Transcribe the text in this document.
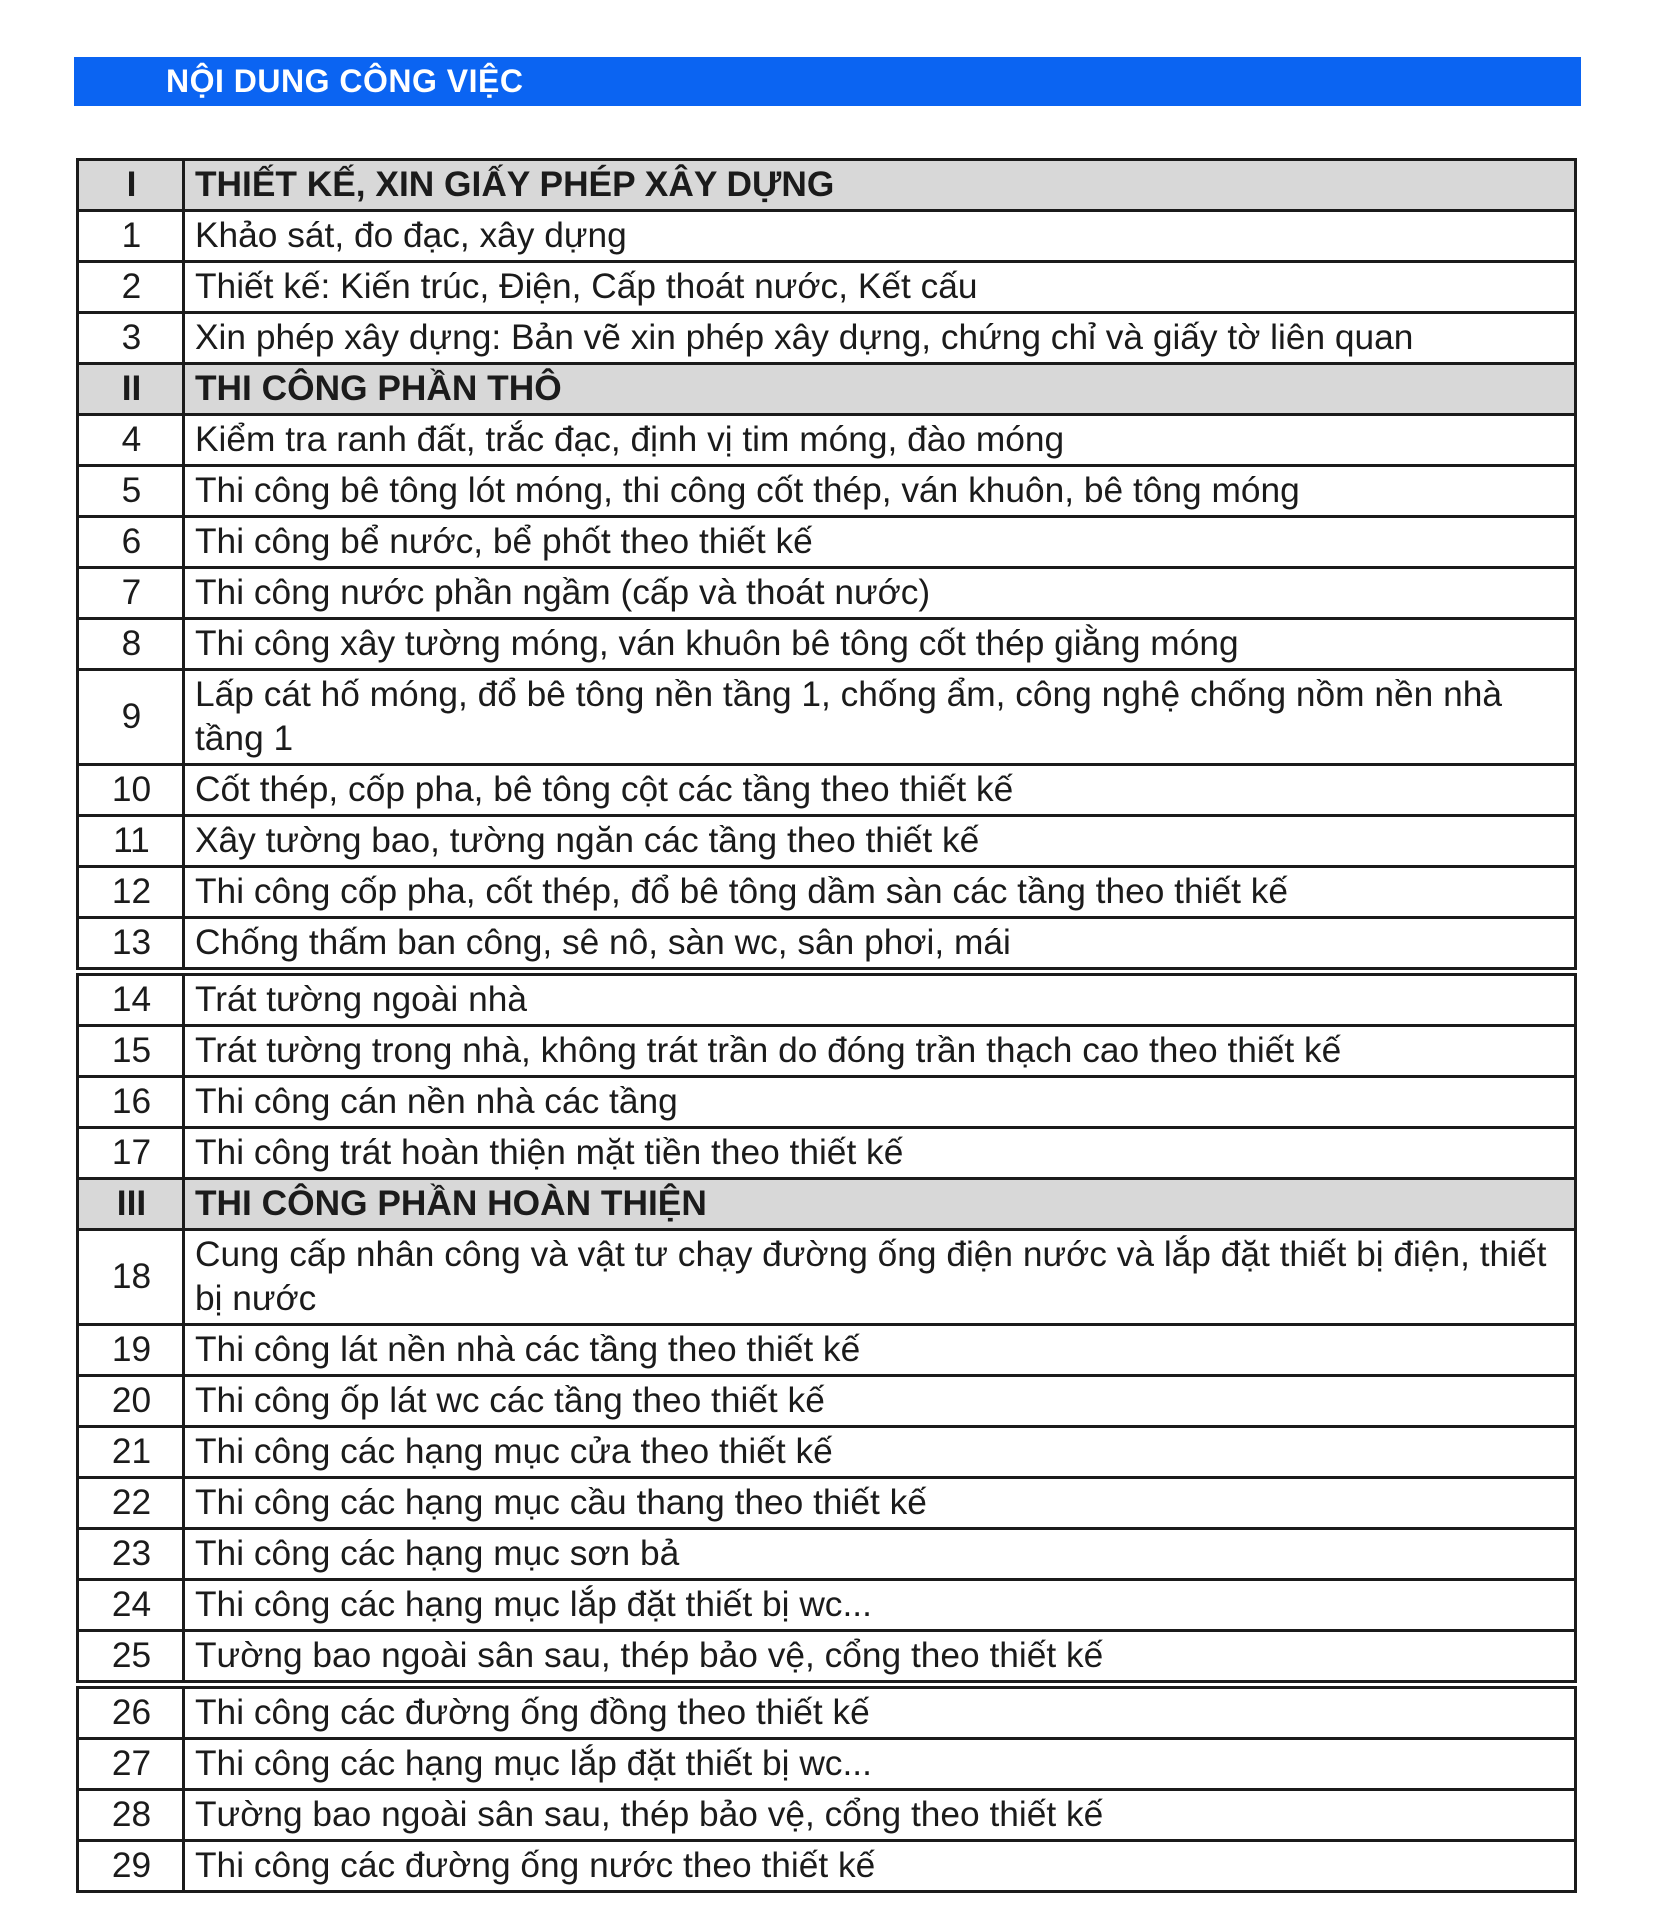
NỘI DUNG CÔNG VIỆC
I	THIẾT KẾ, XIN GIẤY PHÉP XÂY DỰNG
1	Khảo sát, đo đạc, xây dựng
2	Thiết kế: Kiến trúc, Điện, Cấp thoát nước, Kết cấu
3	Xin phép xây dựng: Bản vẽ xin phép xây dựng, chứng chỉ và giấy tờ liên quan
II	THI CÔNG PHẦN THÔ
4	Kiểm tra ranh đất, trắc đạc, định vị tim móng, đào móng
5	Thi công bê tông lót móng, thi công cốt thép, ván khuôn, bê tông móng
6	Thi công bể nước, bể phốt theo thiết kế
7	Thi công nước phần ngầm (cấp và thoát nước)
8	Thi công xây tường móng, ván khuôn bê tông cốt thép giằng móng
9	Lấp cát hố móng, đổ bê tông nền tầng 1, chống ẩm, công nghệ chống nồm nền nhà tầng 1
10	Cốt thép, cốp pha, bê tông cột các tầng theo thiết kế
11	Xây tường bao, tường ngăn các tầng theo thiết kế
12	Thi công cốp pha, cốt thép, đổ bê tông dầm sàn các tầng theo thiết kế
13	Chống thấm ban công, sê nô, sàn wc, sân phơi, mái
14	Trát tường ngoài nhà
15	Trát tường trong nhà, không trát trần do đóng trần thạch cao theo thiết kế
16	Thi công cán nền nhà các tầng
17	Thi công trát hoàn thiện mặt tiền theo thiết kế
III	THI CÔNG PHẦN HOÀN THIỆN
18	Cung cấp nhân công và vật tư chạy đường ống điện nước và lắp đặt thiết bị điện, thiết bị nước
19	Thi công lát nền nhà các tầng theo thiết kế
20	Thi công ốp lát wc các tầng theo thiết kế
21	Thi công các hạng mục cửa theo thiết kế
22	Thi công các hạng mục cầu thang theo thiết kế
23	Thi công các hạng mục sơn bả
24	Thi công các hạng mục lắp đặt thiết bị wc...
25	Tường bao ngoài sân sau, thép bảo vệ, cổng theo thiết kế
26	Thi công các đường ống đồng theo thiết kế
27	Thi công các hạng mục lắp đặt thiết bị wc...
28	Tường bao ngoài sân sau, thép bảo vệ, cổng theo thiết kế
29	Thi công các đường ống nước theo thiết kế
